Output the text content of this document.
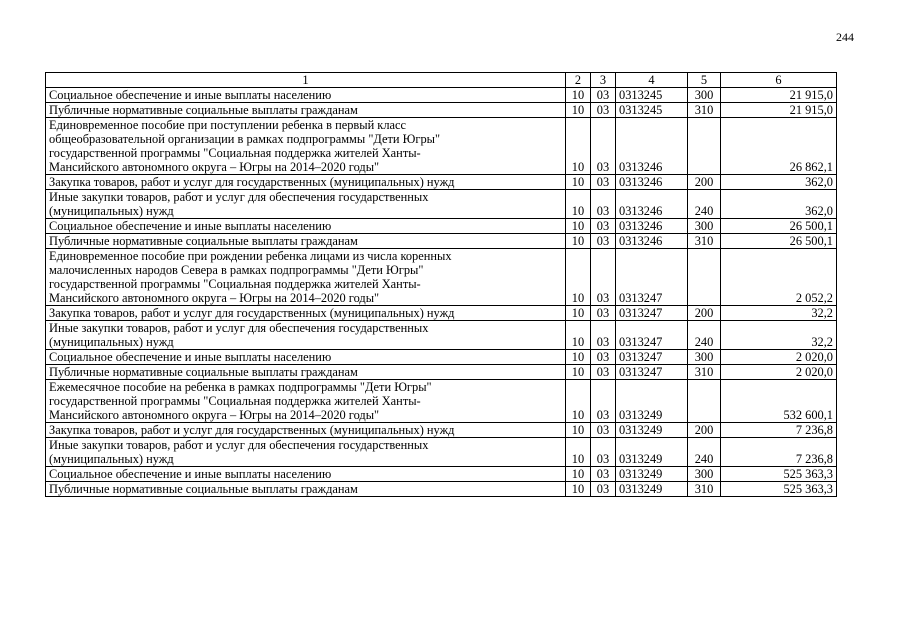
244
1	2	3	4	5	6
Социальное обеспечение и иные выплаты населению	10	03	0313245	300	21 915,0
Публичные нормативные социальные выплаты гражданам	10	03	0313245	310	21 915,0
Единовременное пособие при поступлении ребенка в первый класс
общеобразовательной организации в рамках подпрограммы "Дети Югры"
государственной программы "Социальная поддержка жителей Ханты-
Мансийского автономного округа – Югры на 2014–2020 годы"	10	03	0313246		26 862,1
Закупка товаров, работ и услуг для государственных (муниципальных) нужд	10	03	0313246	200	362,0
Иные закупки товаров, работ и услуг для обеспечения государственных
(муниципальных) нужд	10	03	0313246	240	362,0
Социальное обеспечение и иные выплаты населению	10	03	0313246	300	26 500,1
Публичные нормативные социальные выплаты гражданам	10	03	0313246	310	26 500,1
Единовременное пособие при рождении ребенка лицами из числа коренных
малочисленных народов Севера в рамках подпрограммы "Дети Югры"
государственной программы "Социальная поддержка жителей Ханты-
Мансийского автономного округа – Югры на 2014–2020 годы"	10	03	0313247		2 052,2
Закупка товаров, работ и услуг для государственных (муниципальных) нужд	10	03	0313247	200	32,2
Иные закупки товаров, работ и услуг для обеспечения государственных
(муниципальных) нужд	10	03	0313247	240	32,2
Социальное обеспечение и иные выплаты населению	10	03	0313247	300	2 020,0
Публичные нормативные социальные выплаты гражданам	10	03	0313247	310	2 020,0
Ежемесячное пособие на ребенка в рамках подпрограммы "Дети Югры"
государственной программы "Социальная поддержка жителей Ханты-
Мансийского автономного округа – Югры на 2014–2020 годы"	10	03	0313249		532 600,1
Закупка товаров, работ и услуг для государственных (муниципальных) нужд	10	03	0313249	200	7 236,8
Иные закупки товаров, работ и услуг для обеспечения государственных
(муниципальных) нужд	10	03	0313249	240	7 236,8
Социальное обеспечение и иные выплаты населению	10	03	0313249	300	525 363,3
Публичные нормативные социальные выплаты гражданам	10	03	0313249	310	525 363,3
